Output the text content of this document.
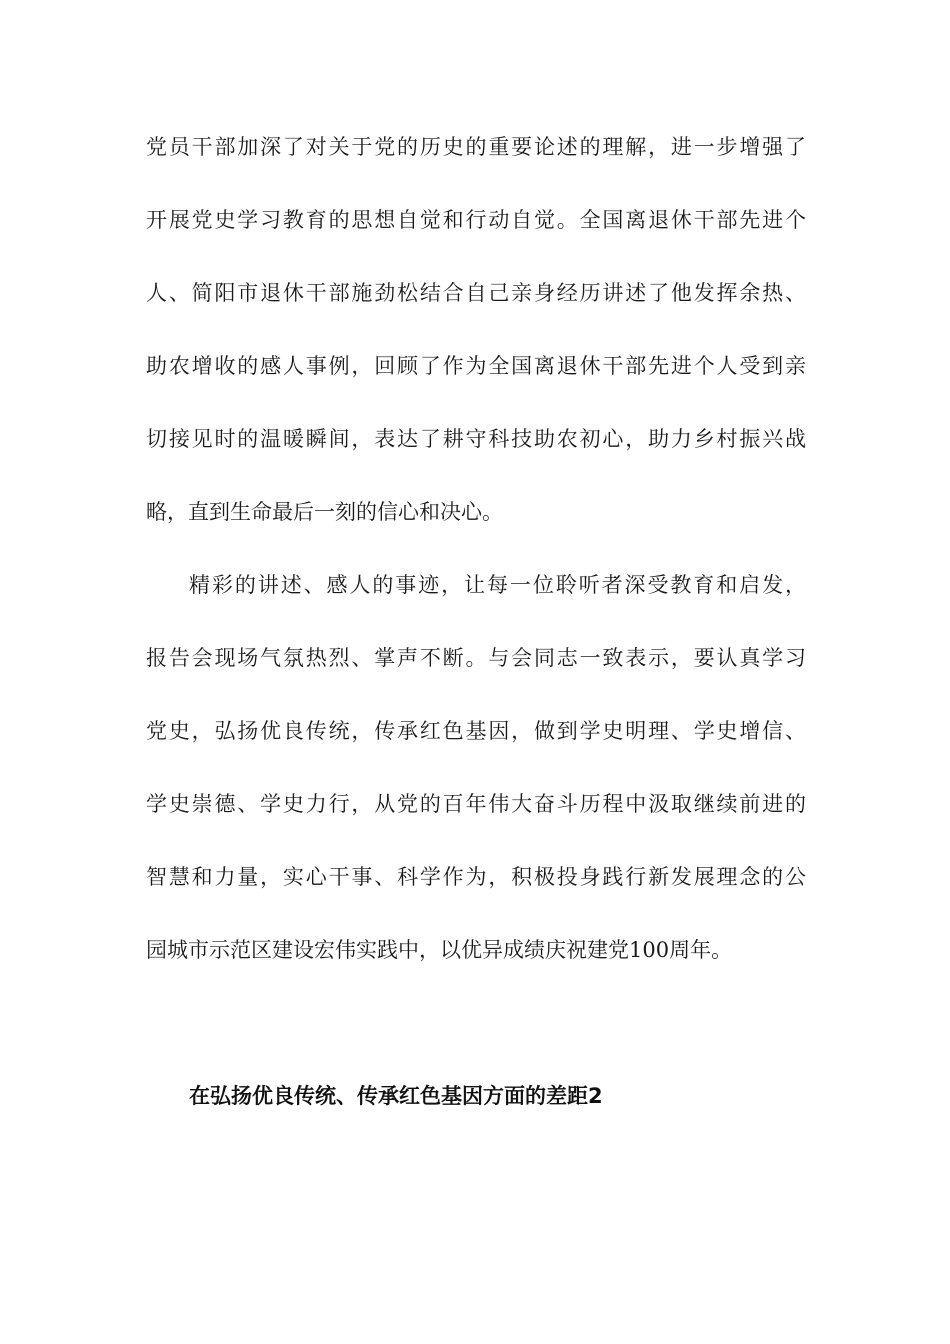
党员干部加深了对关于党的历史的重要论述的理解，进一步增强了
开展党史学习教育的思想自觉和行动自觉。全国离退休干部先进个
人、简阳市退休干部施劲松结合自己亲身经历讲述了他发挥余热、
助农增收的感人事例，回顾了作为全国离退休干部先进个人受到亲
切接见时的温暖瞬间，表达了耕守科技助农初心，助力乡村振兴战
略，直到生命最后一刻的信心和决心。
精彩的讲述、感人的事迹，让每一位聆听者深受教育和启发，
报告会现场气氛热烈、掌声不断。与会同志一致表示，要认真学习
党史，弘扬优良传统，传承红色基因，做到学史明理、学史增信、
学史崇德、学史力行，从党的百年伟大奋斗历程中汲取继续前进的
智慧和力量，实心干事、科学作为，积极投身践行新发展理念的公
园城市示范区建设宏伟实践中，以优异成绩庆祝建党100周年。
在弘扬优良传统、传承红色基因方面的差距2
